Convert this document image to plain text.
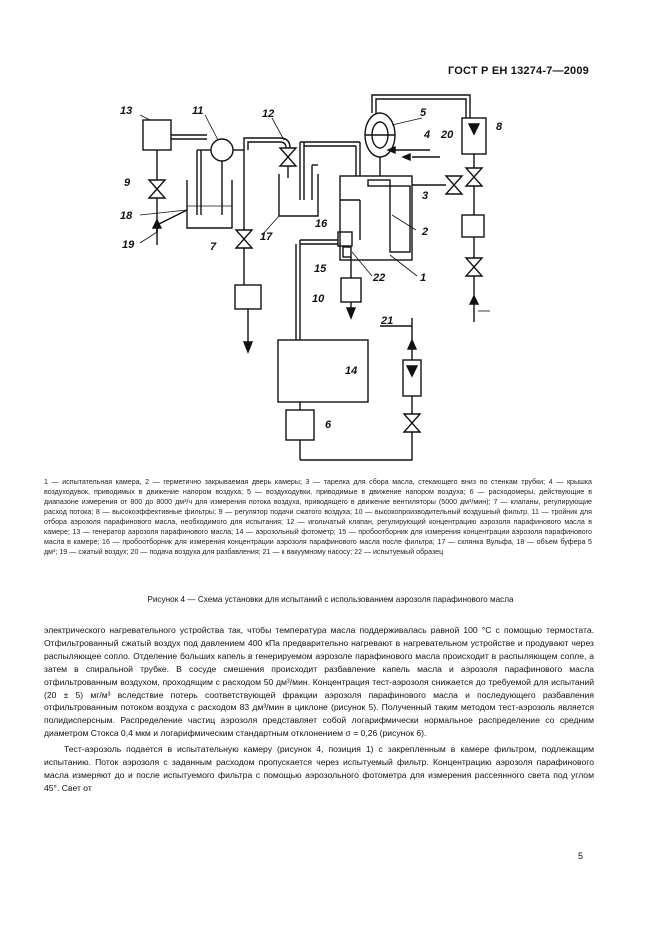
ГОСТ Р ЕН 13274-7—2009
13	11	12	5
4 20
8
9
18
19	7
17
16
15
3
2
1
22
10
21
14
6

1 — испытательная камера, 2 — герметично закрываемая дверь камеры; 3 — тарелка для сбора масла, стекающего вниз по стенкам трубки; 4 — крышка воздуходувок, приводимых в движение напором воздуха; 5 — воздуходувки, приводимые в движение напором воздуха; 6 — расходомеры, действующие в диапазоне измерения от 800 до 8000 дм³/ч для измерения потока воздуха, приводящего в движение вентиляторы (5000 дм³/мин); 7 — клапаны, регулирующие расход потока; 8 — высокоэффективные фильтры; 9 — регулятор подачи сжатого воздуха; 10 — высокопроизводительный воздушный фильтр, 11 — тройник для отбора аэрозоля парафинового масла, необходимого для испытания; 12 — игольчатый клапан, регулирующий концентрацию аэрозоля парафинового масла в камере; 13 — генератор аэрозоля парафинового масла; 14 — аэрозольный фотометр; 15 — пробоотборник для измерения концентрации аэрозоля парафинового масла в камере; 16 — пробоотборник для измерения концентрации аэрозоля парафинового масла после фильтра; 17 — склянка Вульфа, 18 — объем буфера 5 дм³; 19 — сжатый воздух; 20 — подача воздуха для разбавления; 21 — к вакуумному насосу; 22 — испытуемый образец

Рисунок 4 — Схема установки для испытаний с использованием аэрозоля парафинового масла

электрического нагревательного устройства так, чтобы температура масла поддерживалась равной 100 °С с помощью термостата. Отфильтрованный сжатый воздух под давлением 400 кПа предварительно нагревают в нагревательном устройстве и продувают через распыляющее сопло. Отделение больших капель в генерируемом аэрозоле парафинового масла происходит в распыляющем сопле, а затем в спиральной трубке. В сосуде смешения происходит разбавление капель масла и аэрозоля парафинового масла отфильтрованным воздухом, проходящим с расходом 50 дм³/мин. Концентрация тест-аэрозоля снижается до требуемой для испытаний (20 ± 5) мг/м³ вследствие потерь соответствующей фракции аэрозоля парафинового масла и последующего разбавления отфильтрованным потоком воздуха с расходом 83 дм³/мин в циклоне (рисунок 5). Полученный таким методом тест-аэрозоль является полидисперсным. Распределение частиц аэрозоля представляет собой логарифмически нормальное распределение со средним диаметром Стокса 0,4 мкм и логарифмическим стандартным отклонением σ = 0,26 (рисунок 6).

Тест-аэрозоль подается в испытательную камеру (рисунок 4, позиция 1) с закрепленным в камере фильтром, подлежащим испытанию. Поток аэрозоля с заданным расходом пропускается через испытуемый фильтр. Концентрацию аэрозоля парафинового масла измеряют до и после испытуемого фильтра с помощью аэрозольного фотометра для измерения рассеянного света под углом 45°. Свет от

5
